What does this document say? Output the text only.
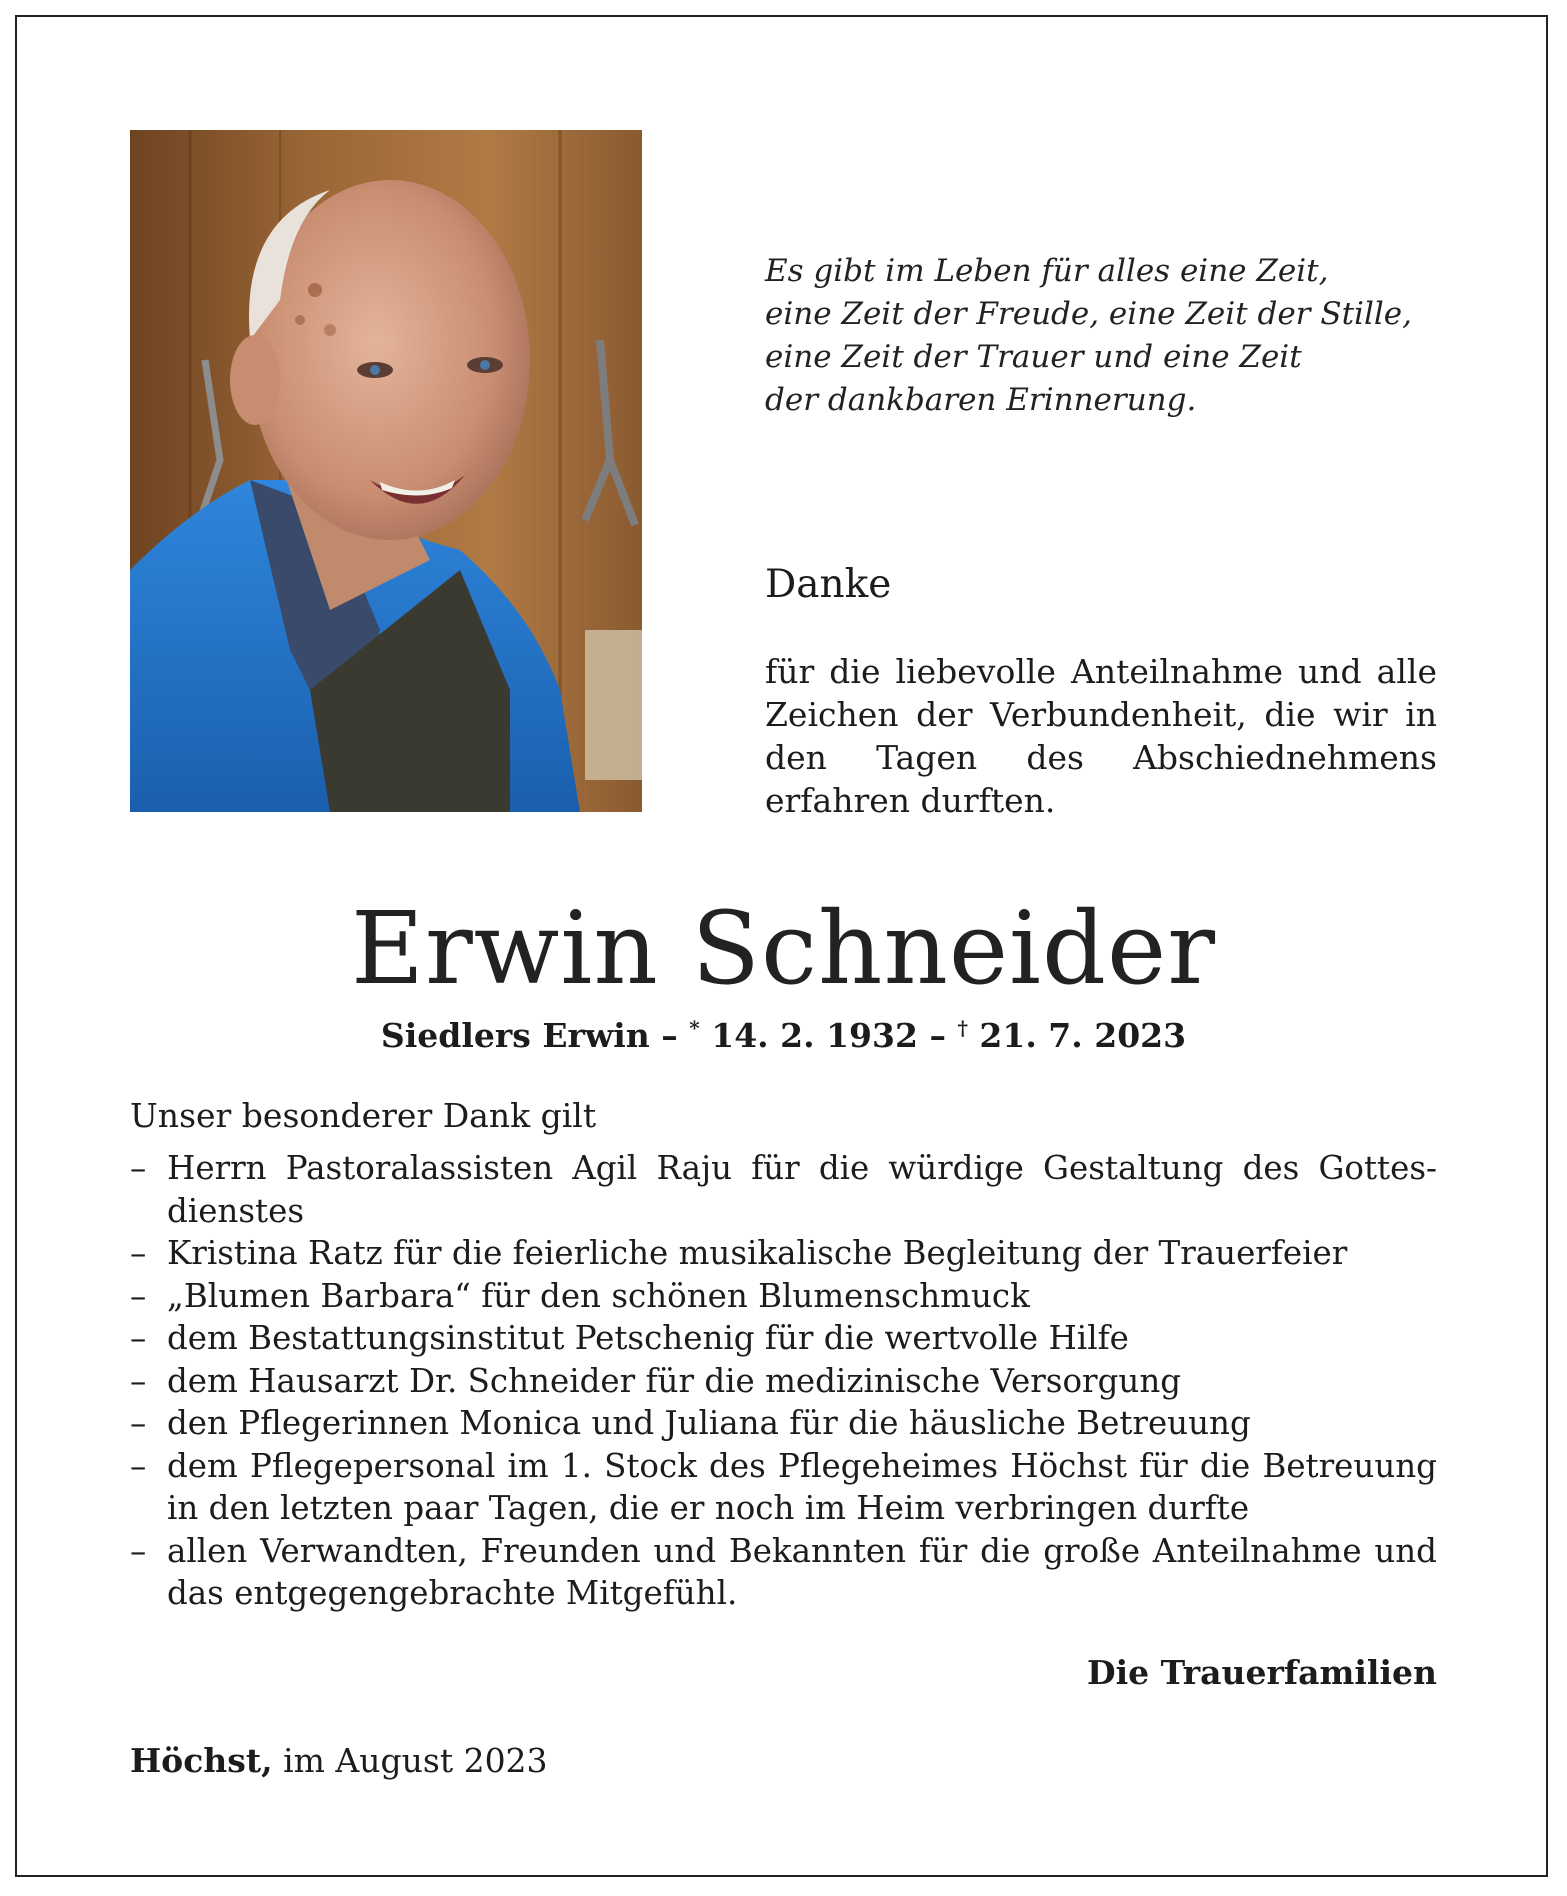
Es gibt im Leben für alles eine Zeit,
eine Zeit der Freude, eine Zeit der Stille,
eine Zeit der Trauer und eine Zeit
der dankbaren Erinnerung.
Danke
für die liebevolle Anteilnahme und alle Zeichen der Verbundenheit, die wir in den Tagen des Abschiednehmens erfahren durften.
Erwin Schneider
Siedlers Erwin – * 14. 2. 1932 – † 21. 7. 2023
Unser besonderer Dank gilt
– Herrn Pastoralassisten Agil Raju für die würdige Gestaltung des Gottes-dienstes
– Kristina Ratz für die feierliche musikalische Begleitung der Trauerfeier
– „Blumen Barbara“ für den schönen Blumenschmuck
– dem Bestattungsinstitut Petschenig für die wertvolle Hilfe
– dem Hausarzt Dr. Schneider für die medizinische Versorgung
– den Pflegerinnen Monica und Juliana für die häusliche Betreuung
– dem Pflegepersonal im 1. Stock des Pflegeheimes Höchst für die Betreuung in den letzten paar Tagen, die er noch im Heim verbringen durfte
– allen Verwandten, Freunden und Bekannten für die große Anteilnahme und das entgegengebrachte Mitgefühl.
Die Trauerfamilien
Höchst, im August 2023
